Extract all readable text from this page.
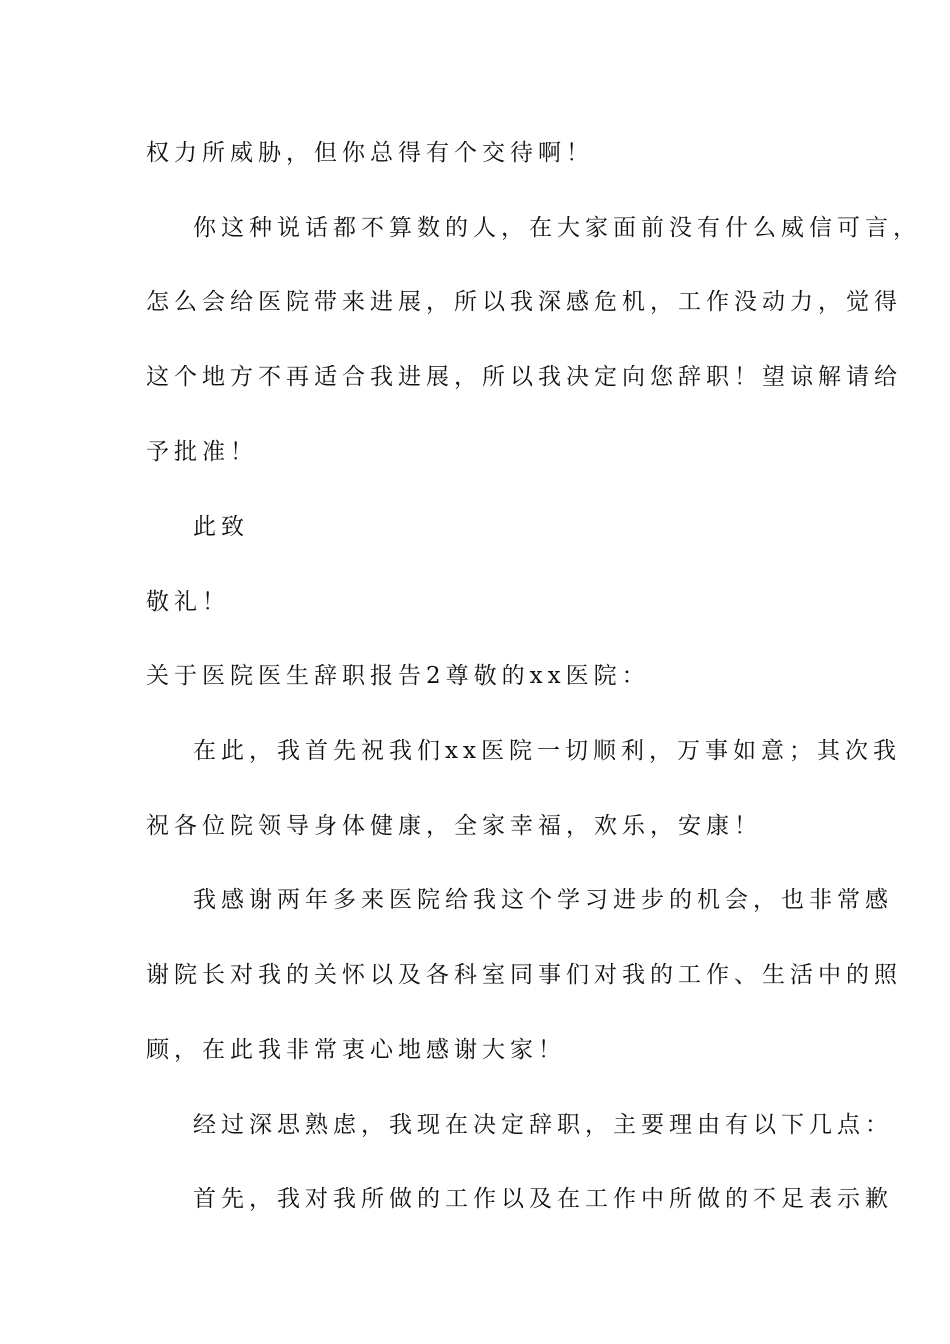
权力所威胁，但你总得有个交待啊！
你这种说话都不算数的人，在大家面前没有什么威信可言，
怎么会给医院带来进展，所以我深感危机，工作没动力，觉得
这个地方不再适合我进展，所以我决定向您辞职！望谅解请给
予批准！
此致
敬礼！
关于医院医生辞职报告2尊敬的xx医院：
在此，我首先祝我们xx医院一切顺利，万事如意；其次我
祝各位院领导身体健康，全家幸福，欢乐，安康！
我感谢两年多来医院给我这个学习进步的机会，也非常感
谢院长对我的关怀以及各科室同事们对我的工作、生活中的照
顾，在此我非常衷心地感谢大家！
经过深思熟虑，我现在决定辞职，主要理由有以下几点：
首先，我对我所做的工作以及在工作中所做的不足表示歉
